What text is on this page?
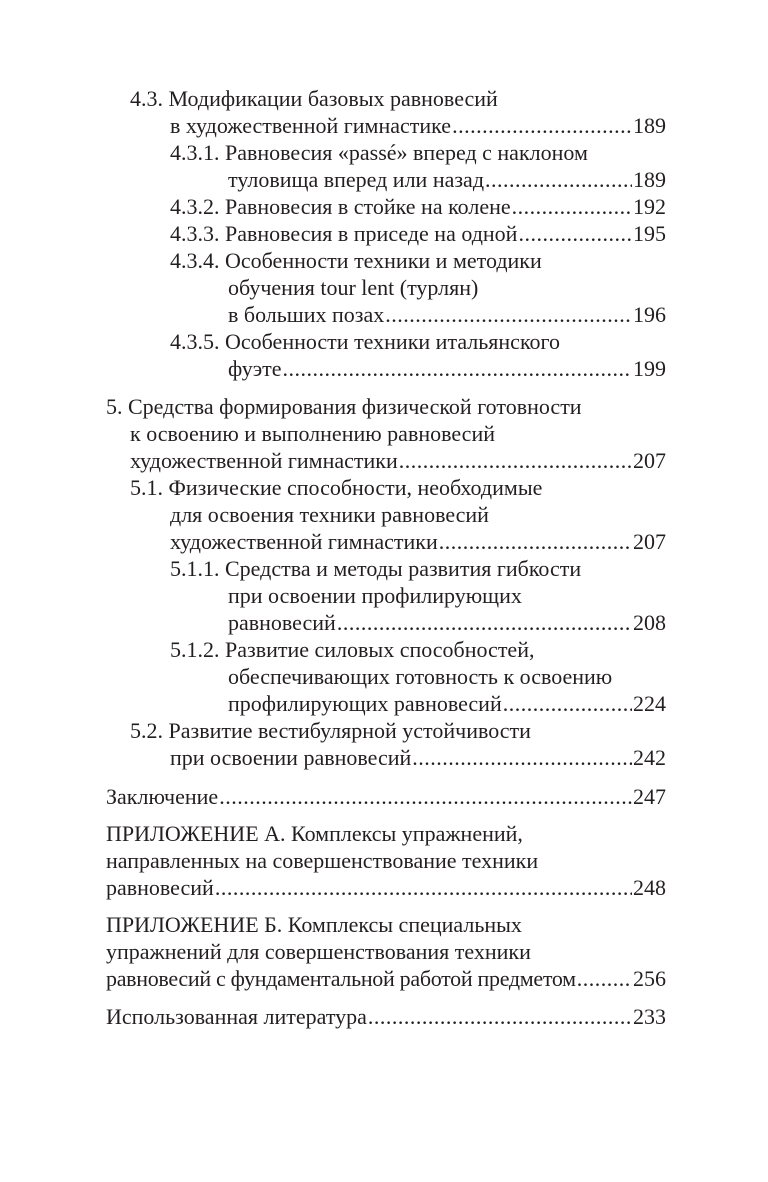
4.3. Модификации базовых равновесий
в художественной гимнастике .....	189
4.3.1. Равновесия «passé» вперед с наклоном
туловища вперед или назад .....	189
4.3.2. Равновесия в стойке на колене .....	192
4.3.3. Равновесия в приседе на одной .....	195
4.3.4. Особенности техники и методики
обучения tour lent (турлян)
в больших позах .....	196
4.3.5. Особенности техники итальянского
фуэте .....	199
5. Средства формирования физической готовности
к освоению и выполнению равновесий
художественной гимнастики .....	207
5.1. Физические способности, необходимые
для освоения техники равновесий
художественной гимнастики .....	207
5.1.1. Средства и методы развития гибкости
при освоении профилирующих
равновесий .....	208
5.1.2. Развитие силовых способностей,
обеспечивающих готовность к освоению
профилирующих равновесий .....	224
5.2. Развитие вестибулярной устойчивости
при освоении равновесий .....	242
Заключение .....	247
ПРИЛОЖЕНИЕ А. Комплексы упражнений,
направленных на совершенствование техники
равновесий .....	248
ПРИЛОЖЕНИЕ Б. Комплексы специальных
упражнений для совершенствования техники
равновесий с фундаментальной работой предметом .....	256
Использованная литература .....	233
